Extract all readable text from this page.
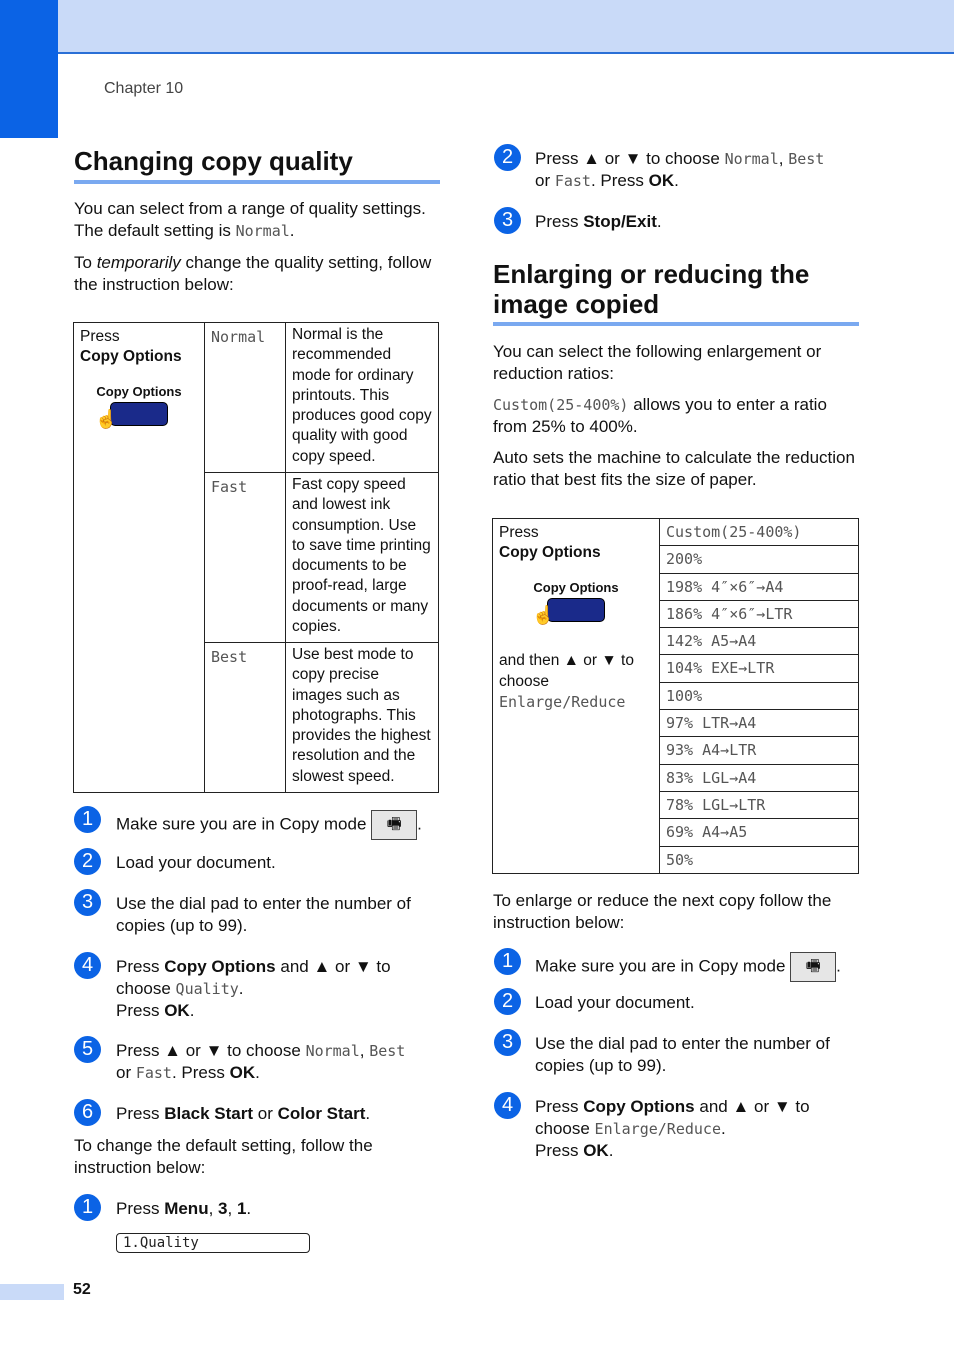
Chapter 10
Changing copy quality

You can select from a range of quality settings. The default setting is Normal.

To temporarily change the quality setting, follow the instruction below:

Press
Copy Options
Copy Options
☝	Normal	Normal is the recommended mode for ordinary printouts. This produces good copy quality with good copy speed.
	Fast	Fast copy speed and lowest ink consumption. Use to save time printing documents to be proof-read, large documents or many copies.
	Best	Use best mode to copy precise images such as photographs. This provides the highest resolution and the slowest speed.
1	Make sure you are in Copy mode 🖷 .
2	Load your document.
3	Use the dial pad to enter the number of copies (up to 99).
4	Press Copy Options and ▲ or ▼ to choose Quality.
Press OK.
5	Press ▲ or ▼ to choose Normal, Best
or Fast. Press OK.
6	Press Black Start or Color Start.

To change the default setting, follow the instruction below:

1	Press Menu, 3, 1.
1.Quality
2	Press ▲ or ▼ to choose Normal, Best
or Fast. Press OK.
3	Press Stop/Exit.
Enlarging or reducing the image copied

You can select the following enlargement or reduction ratios:

Custom(25-400%) allows you to enter a ratio from 25% to 400%.

Auto sets the machine to calculate the reduction ratio that best fits the size of paper.

Press
Copy Options
Copy Options
☝
and then ▲ or ▼ to choose
Enlarge/Reduce
	Custom(25-400%)
200%
198% 4″×6″→A4
186% 4″×6″→LTR
142% A5→A4
104% EXE→LTR
100%
97% LTR→A4
93% A4→LTR
83% LGL→A4
78% LGL→LTR
69% A4→A5
50%

To enlarge or reduce the next copy follow the instruction below:

1	Make sure you are in Copy mode 🖷 .
2	Load your document.
3	Use the dial pad to enter the number of copies (up to 99).
4	Press Copy Options and ▲ or ▼ to choose Enlarge/Reduce.
Press OK.
52
